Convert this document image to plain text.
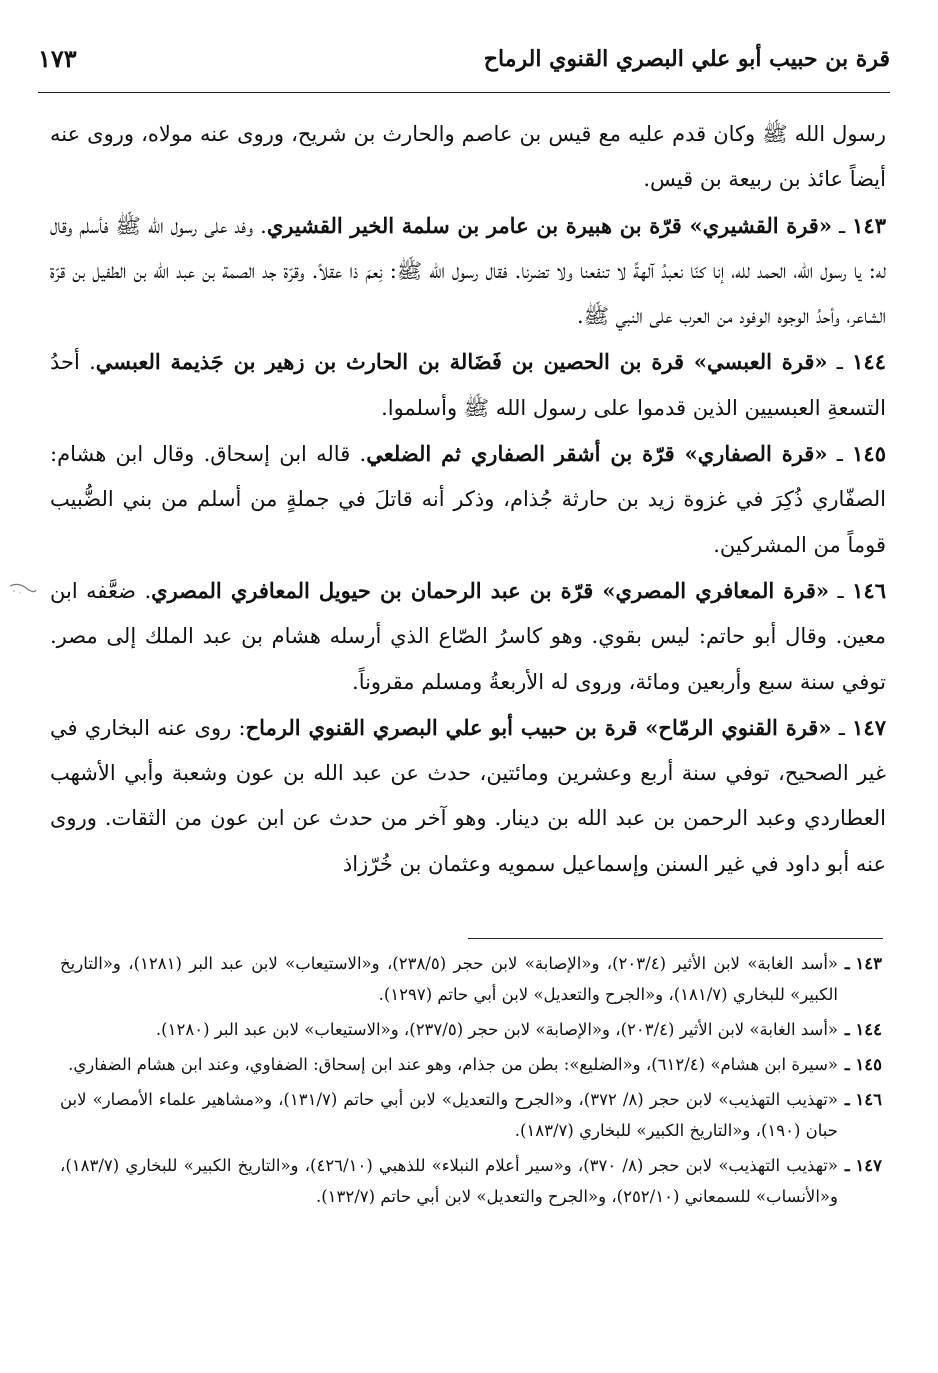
قرة بن حبيب أبو علي البصري القنوي الرماح
١٧٣

رسول الله ﷺ وكان قدم عليه مع قيس بن عاصم والحارث بن شريح، وروى عنه مولاه، وروى عنه أيضاً عائذ بن ربيعة بن قيس.

١٤٣ ـ «قرة القشيري» قرّة بن هبيرة بن عامر بن سلمة الخير القشيري. وفد على رسول الله ﷺ فأسلم وقال له: يا رسول الله، الحمد لله، إنا كنّا نعبدُ آلهةً لا تنفعنا ولا تضرنا. فقال رسول الله ﷺ: نِعمَ ذا عقلاً. وقرّة جد الصمة بن عبد الله بن الطفيل بن قرّة الشاعر، وأحدُ الوجوه الوفود من العرب على النبي ﷺ.

١٤٤ ـ «قرة العبسي» قرة بن الحصين بن فَضَالة بن الحارث بن زهير بن جَذيمة العبسي. أحدُ التسعةِ العبسيين الذين قدموا على رسول الله ﷺ وأسلموا.

١٤٥ ـ «قرة الصفاري» قرّة بن أشقر الصفاري ثم الضلعي. قاله ابن إسحاق. وقال ابن هشام: الصفّاري ذُكِرَ في غزوة زيد بن حارثة جُذام، وذكر أنه قاتلَ في جملةٍ من أسلم من بني الضُّبيب قوماً من المشركين.

١٤٦ ـ «قرة المعافري المصري» قرّة بن عبد الرحمان بن حيويل المعافري المصري. ضعَّفه ابن معين. وقال أبو حاتم: ليس بقوي. وهو كاسرُ الصّاع الذي أرسله هشام بن عبد الملك إلى مصر. توفي سنة سبع وأربعين ومائة، وروى له الأربعةُ ومسلم مقروناً.

١٤٧ ـ «قرة القنوي الرمّاح» قرة بن حبيب أبو علي البصري القنوي الرماح: روى عنه البخاري في غير الصحيح، توفي سنة أربع وعشرين ومائتين، حدث عن عبد الله بن عون وشعبة وأبي الأشهب العطاردي وعبد الرحمن بن عبد الله بن دينار. وهو آخر من حدث عن ابن عون من الثقات. وروى عنه أبو داود في غير السنن وإسماعيل سمويه وعثمان بن خُرّزاذ

١٤٣ ـ
«أسد الغابة» لابن الأثير (٢٠٣/٤)، و«الإصابة» لابن حجر (٢٣٨/٥)، و«الاستيعاب» لابن عبد البر (١٢٨١)، و«التاريخ الكبير» للبخاري (١٨١/٧)، و«الجرح والتعديل» لابن أبي حاتم (١٢٩٧).
١٤٤ ـ
«أسد الغابة» لابن الأثير (٢٠٣/٤)، و«الإصابة» لابن حجر (٢٣٧/٥)، و«الاستيعاب» لابن عبد البر (١٢٨٠).
١٤٥ ـ
«سيرة ابن هشام» (٦١٢/٤)، و«الضليع»: بطن من جذام، وهو عند ابن إسحاق: الضفاوي، وعند ابن هشام الضفاري.
١٤٦ ـ
«تهذيب التهذيب» لابن حجر (٨/ ٣٧٢)، و«الجرح والتعديل» لابن أبي حاتم (١٣١/٧)، و«مشاهير علماء الأمصار» لابن حبان (١٩٠)، و«التاريخ الكبير» للبخاري (١٨٣/٧).
١٤٧ ـ
«تهذيب التهذيب» لابن حجر (٨/ ٣٧٠)، و«سير أعلام النبلاء» للذهبي (٤٢٦/١٠)، و«التاريخ الكبير» للبخاري (١٨٣/٧)، و«الأنساب» للسمعاني (٢٥٢/١٠)، و«الجرح والتعديل» لابن أبي حاتم (١٣٢/٧).
